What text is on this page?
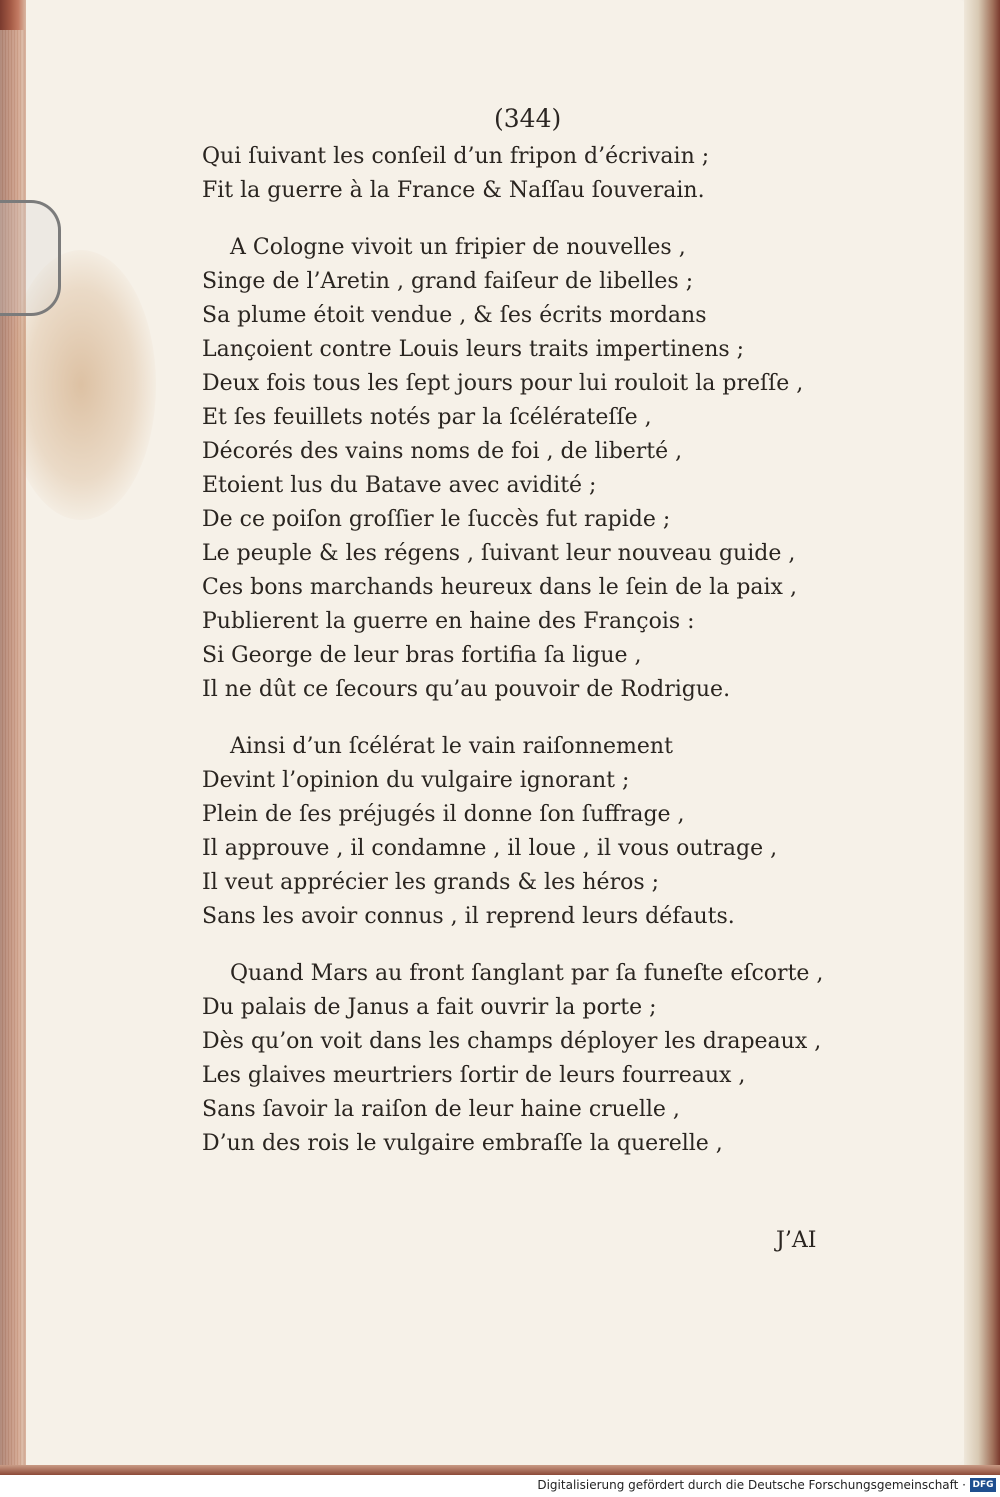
(344)
Qui ſuivant les conſeil d’un fripon d’écrivain ;
Fit la guerre à la France & Naſſau ſouverain.
A Cologne vivoit un fripier de nouvelles ,
Singe de l’Aretin , grand faiſeur de libelles ;
Sa plume étoit vendue , & ſes écrits mordans
Lançoient contre Louis leurs traits impertinens ;
Deux fois tous les ſept jours pour lui rouloit la preſſe ,
Et ſes feuillets notés par la ſcélérateſſe ,
Décorés des vains noms de foi , de liberté ,
Etoient lus du Batave avec avidité ;
De ce poiſon groſſier le ſuccès fut rapide ;
Le peuple & les régens , ſuivant leur nouveau guide ,
Ces bons marchands heureux dans le ſein de la paix ,
Publierent la guerre en haine des François :
Si George de leur bras fortifia ſa ligue ,
Il ne dût ce ſecours qu’au pouvoir de Rodrigue.
Ainsi d’un ſcélérat le vain raiſonnement
Devint l’opinion du vulgaire ignorant ;
Plein de ſes préjugés il donne ſon ſuffrage ,
Il approuve , il condamne , il loue , il vous outrage ,
Il veut apprécier les grands & les héros ;
Sans les avoir connus , il reprend leurs défauts.
Quand Mars au front ſanglant par ſa funeſte eſcorte ,
Du palais de Janus a fait ouvrir la porte ;
Dès qu’on voit dans les champs déployer les drapeaux ,
Les glaives meurtriers ſortir de leurs fourreaux ,
Sans ſavoir la raiſon de leur haine cruelle ,
D’un des rois le vulgaire embraſſe la querelle ,
J’AI
Digitalisierung gefördert durch die Deutsche Forschungsgemeinschaft · DFG
